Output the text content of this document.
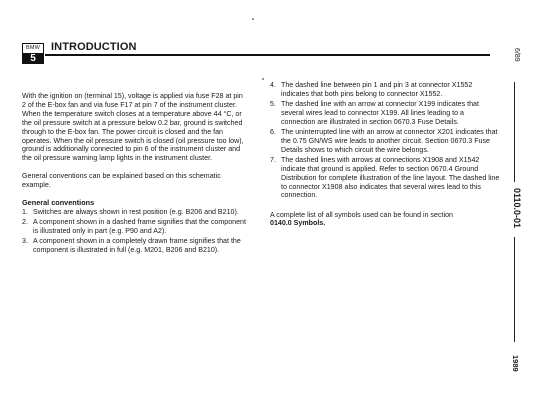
BMW
5
INTRODUCTION

With the ignition on (terminal 15), voltage is applied via fuse F28 at pin 2 of the E-box fan and via fuse F17 at pin 7 of the instrument cluster. When the temperature switch closes at a temperature above 44 °C, or the oil pressure switch at a pressure below 0.2 bar, ground is switched through to the E-box fan. The power circuit is closed and the fan operates. When the oil pressure switch is closed (oil pressure too low), ground is additionally connected to pin 6 of the instrument cluster and the oil pressure warning lamp lights in the instrument cluster.

General conventions can be explained based on this schematic example.

General conventions

1. Switches are always shown in rest position (e.g. B206 and B210).
2. A component shown in a dashed frame signifies that the component is illustrated only in part (e.g. P90 and A2).
3. A component shown in a completely drawn frame signifies that the component is illustrated in full (e.g. M201, B206 and B210).
4. The dashed line between pin 1 and pin 3 at connector X1552 indicates that both pins belong to connector X1552.
5. The dashed line with an arrow at connector X199 indicates that several wires lead to connector X199. All lines leading to a connection are illustrated in section 0670.3 Fuse Details.
6. The uninterrupted line with an arrow at connector X201 indicates that the 0.75 GN/WS wire leads to another circuit. Section 0670.3 Fuse Details shows to which circuit the wire belongs.
7. The dashed lines with arrows at connections X1908 and X1542 indicate that ground is applied. Refer to section 0670.4 Ground Distribution for complete illustration of the line layout. The dashed line to connector X1908 also indicates that several wires lead to this connection.

A complete list of all symbols used can be found in section
0140.0 Symbols.

6/89
0110.0-01
1989
